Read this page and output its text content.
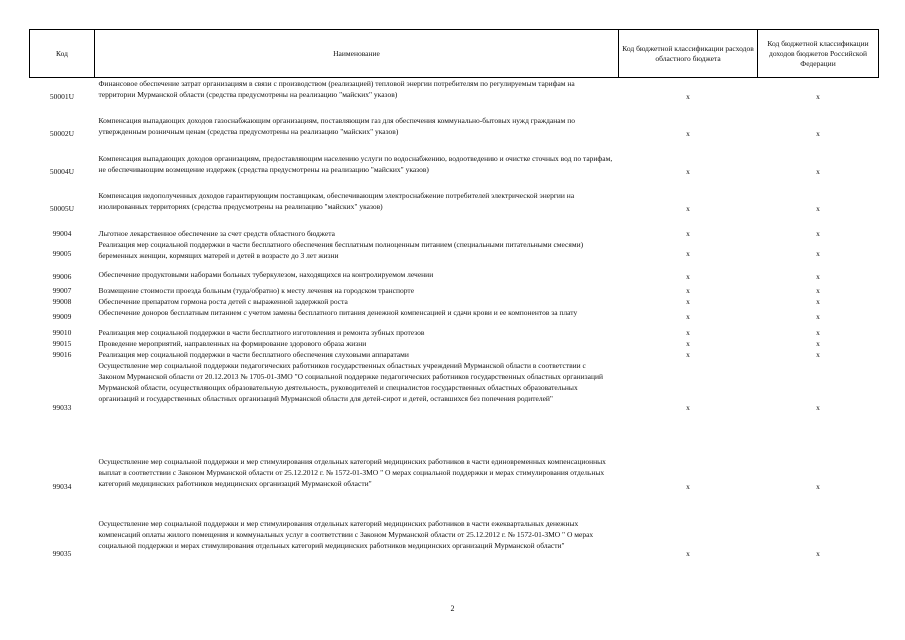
Код	Наименование	Код бюджетной классификации расходов областного бюджета	Код бюджетной классификации доходов бюджетов Российской Федерации
50001U	Финансовое обеспечение затрат организациям в связи с производством (реализацией) тепловой энергии потребителям по регулируемым тарифам на территории Мурманской области (средства предусмотрены на реализацию "майских" указов)	x	x
50002U	Компенсация выпадающих доходов газоснабжающим организациям, поставляющим газ для обеспечения коммунально-бытовых нужд гражданам по утвержденным розничным ценам (средства предусмотрены на реализацию "майских" указов)	x	x
50004U	Компенсация выпадающих доходов организациям, предоставляющим населению услуги по водоснабжению, водоотведению и очистке сточных вод по тарифам, не обеспечивающим возмещение издержек (средства предусмотрены на реализацию "майских" указов)	x	x
50005U	Компенсация недополученных доходов гарантирующим поставщикам, обеспечивающим электроснабжение потребителей электрической энергии на изолированных территориях (средства предусмотрены на реализацию "майских" указов)	x	x
99004	Льготное лекарственное обеспечение за счет средств областного бюджета	x	x
99005	Реализация мер социальной поддержки в части бесплатного обеспечения бесплатным полноценным питанием (специальными питательными смесями) беременных женщин, кормящих матерей и детей в возрасте до 3 лет жизни	x	x
99006	Обеспечение продуктовыми наборами больных туберкулезом, находящихся на контролируемом лечении	x	x
99007	Возмещение стоимости проезда больным (туда/обратно) к месту лечения на городском транспорте	x	x
99008	Обеспечение препаратом гормона роста детей с выраженной задержкой роста	x	x
99009	Обеспечение доноров бесплатным питанием с учетом замены бесплатного питания денежной компенсацией и сдачи крови и ее компонентов за плату	x	x
99010	Реализация мер социальной поддержки в части бесплатного изготовления и ремонта зубных протезов	x	x
99015	Проведение мероприятий, направленных на формирование здорового образа жизни	x	x
99016	Реализация мер социальной поддержки в части бесплатного обеспечения слуховыми аппаратами	x	x
99033	Осуществление мер социальной поддержки педагогических работников государственных областных учреждений Мурманской области в соответствии с Законом Мурманской области от 20.12.2013 № 1705-01-ЗМО "О социальной поддержке педагогических работников государственных областных организаций Мурманской области, осуществляющих образовательную деятельность, руководителей и специалистов государственных областных образовательных организаций и государственных областных организаций Мурманской области для детей-сирот и детей, оставшихся без попечения родителей"	x	x
99034	Осуществление мер социальной поддержки и мер стимулирования отдельных категорий медицинских работников в части единовременных компенсационных выплат в соответствии с Законом Мурманской области от 25.12.2012 г. № 1572-01-ЗМО " О мерах социальной поддержки и мерах стимулирования отдельных категорий медицинских работников медицинских организаций Мурманской области"	x	x
99035	Осуществление мер социальной поддержки и мер стимулирования отдельных категорий медицинских работников в части ежеквартальных денежных компенсаций оплаты жилого помещения и коммунальных услуг в соответствии с Законом Мурманской области от 25.12.2012 г. № 1572-01-ЗМО " О мерах социальной поддержки и мерах стимулирования отдельных категорий медицинских работников медицинских организаций Мурманской области"	x	x
2
